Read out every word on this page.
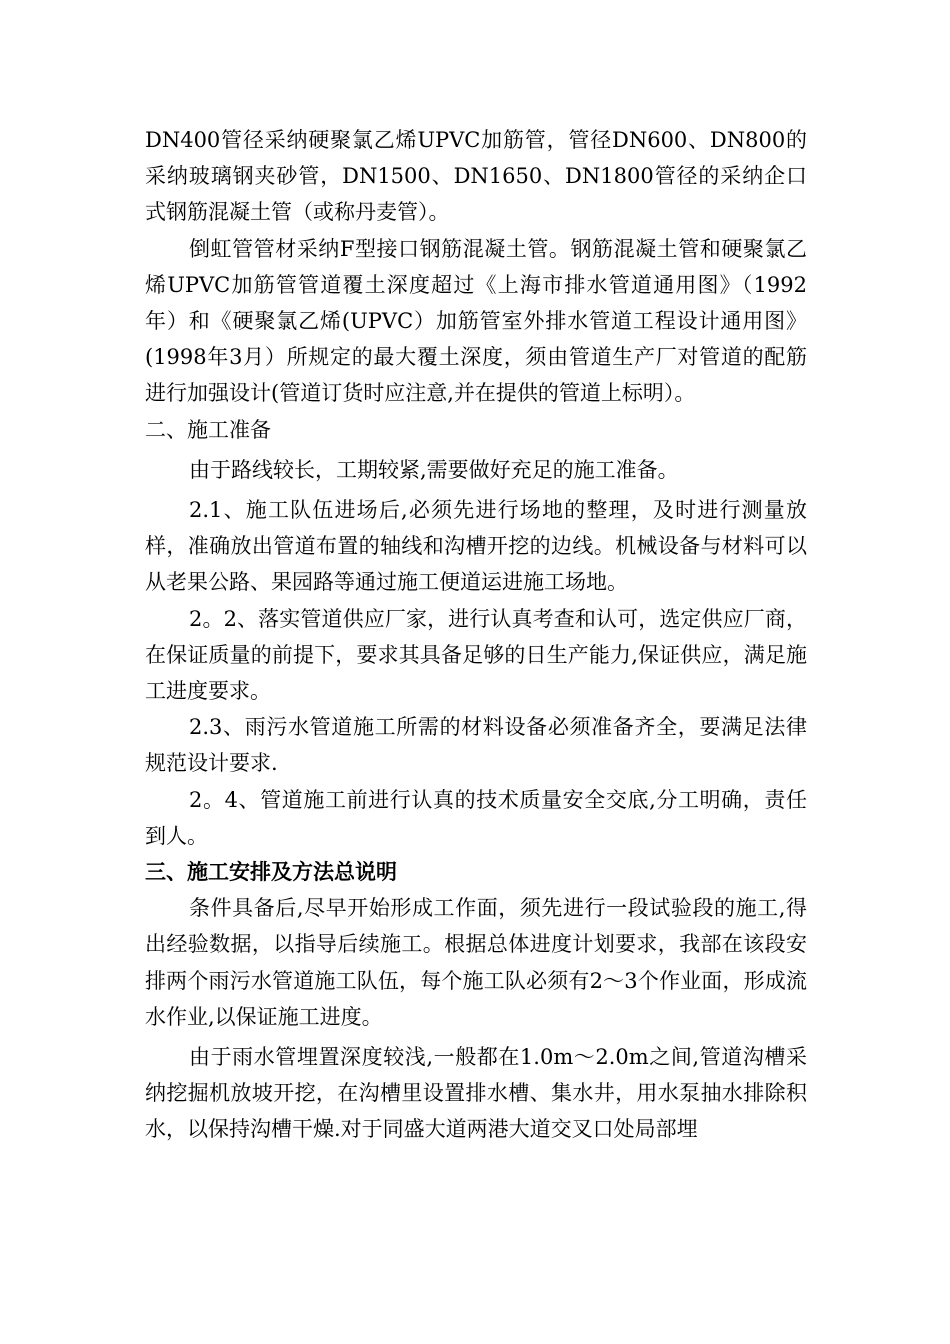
DN400管径采纳硬聚氯乙烯UPVC加筋管，管径DN600、DN800的采纳玻璃钢夹砂管，DN1500、DN1650、DN1800管径的采纳企口式钢筋混凝土管（或称丹麦管）。

倒虹管管材采纳F型接口钢筋混凝土管。钢筋混凝土管和硬聚氯乙烯UPVC加筋管管道覆土深度超过《上海市排水管道通用图》（1992年）和《硬聚氯乙烯(UPVC）加筋管室外排水管道工程设计通用图》(1998年3月）所规定的最大覆土深度，须由管道生产厂对管道的配筋进行加强设计(管道订货时应注意,并在提供的管道上标明）。

二、施工准备

由于路线较长，工期较紧,需要做好充足的施工准备。

2.1、施工队伍进场后,必须先进行场地的整理，及时进行测量放样，准确放出管道布置的轴线和沟槽开挖的边线。机械设备与材料可以从老果公路、果园路等通过施工便道运进施工场地。

2。2、落实管道供应厂家，进行认真考查和认可，选定供应厂商，在保证质量的前提下，要求其具备足够的日生产能力,保证供应，满足施工进度要求。

2.3、雨污水管道施工所需的材料设备必须准备齐全，要满足法律规范设计要求.

2。4、管道施工前进行认真的技术质量安全交底,分工明确，责任到人。

三、施工安排及方法总说明

条件具备后,尽早开始形成工作面，须先进行一段试验段的施工,得出经验数据，以指导后续施工。根据总体进度计划要求，我部在该段安排两个雨污水管道施工队伍，每个施工队必须有2～3个作业面，形成流水作业,以保证施工进度。

由于雨水管埋置深度较浅,一般都在1.0m～2.0m之间,管道沟槽采纳挖掘机放坡开挖，在沟槽里设置排水槽、集水井，用水泵抽水排除积水，以保持沟槽干燥.对于同盛大道两港大道交叉口处局部埋
